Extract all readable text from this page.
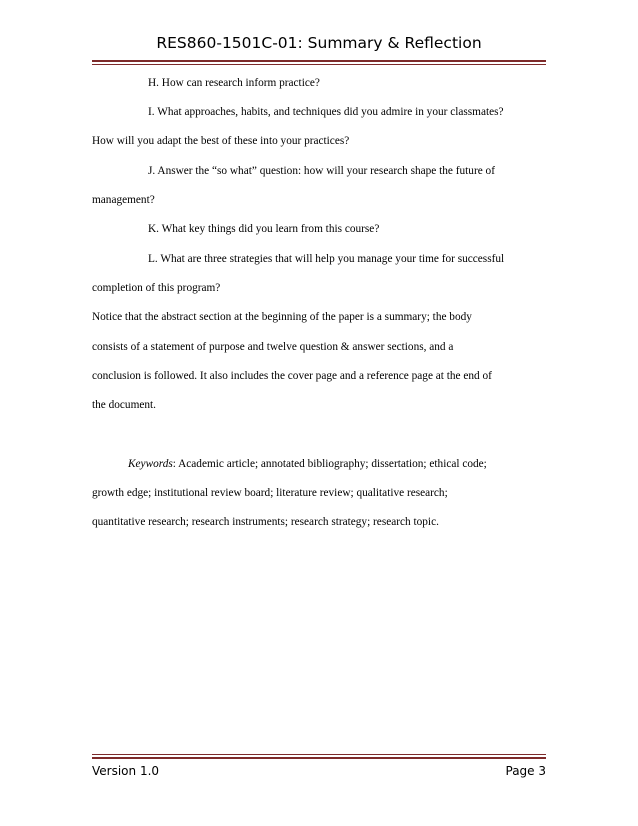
RES860-1501C-01: Summary & Reflection
H. How can research inform practice?
I. What approaches, habits, and techniques did you admire in your classmates?
How will you adapt the best of these into your practices?
J. Answer the “so what” question: how will your research shape the future of
management?
K. What key things did you learn from this course?
L. What are three strategies that will help you manage your time for successful
completion of this program?
Notice that the abstract section at the beginning of the paper is a summary; the body
consists of a statement of purpose and twelve question & answer sections, and a
conclusion is followed. It also includes the cover page and a reference page at the end of
the document.
Keywords: Academic article; annotated bibliography; dissertation; ethical code;
growth edge; institutional review board; literature review; qualitative research;
quantitative research; research instruments; research strategy; research topic.
Version 1.0	Page 3
